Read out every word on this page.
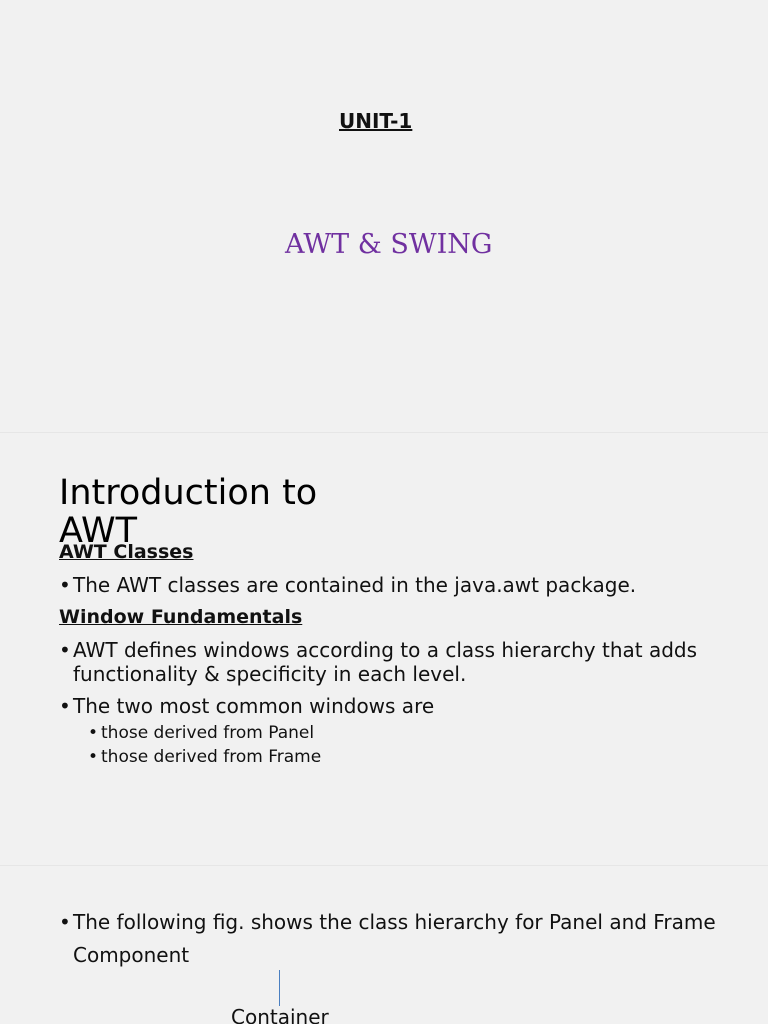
UNIT-1
AWT & SWING
Introduction to AWT
AWT Classes
• The AWT classes are contained in the java.awt package.
Window Fundamentals
• AWT defines windows according to a class hierarchy that adds
functionality & specificity in each level.
• The two most common windows are
• those derived from Panel
• those derived from Frame
• The following fig. shows the class hierarchy for Panel and Frame
Component
Container
